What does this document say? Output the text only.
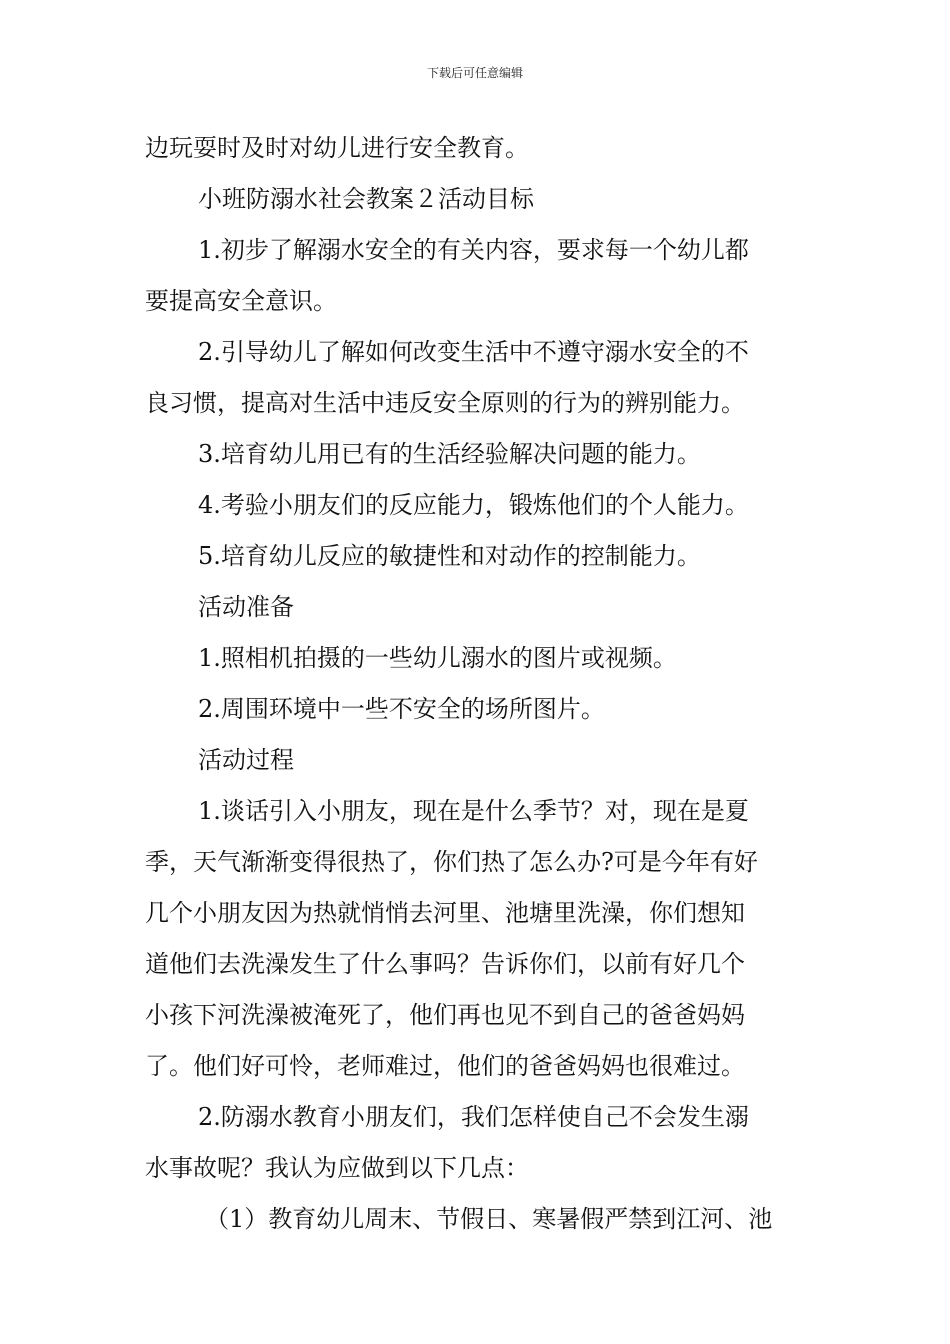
下载后可任意编辑
边玩耍时及时对幼儿进行安全教育。
小班防溺水社会教案２活动目标
1.初步了解溺水安全的有关内容，要求每一个幼儿都
要提高安全意识。
2.引导幼儿了解如何改变生活中不遵守溺水安全的不
良习惯，提高对生活中违反安全原则的行为的辨别能力。
3.培育幼儿用已有的生活经验解决问题的能力。
4.考验小朋友们的反应能力，锻炼他们的个人能力。
5.培育幼儿反应的敏捷性和对动作的控制能力。
活动准备
1.照相机拍摄的一些幼儿溺水的图片或视频。
2.周围环境中一些不安全的场所图片。
活动过程
1.谈话引入小朋友，现在是什么季节？对，现在是夏
季，天气渐渐变得很热了，你们热了怎么办?可是今年有好
几个小朋友因为热就悄悄去河里、池塘里洗澡，你们想知
道他们去洗澡发生了什么事吗？告诉你们，以前有好几个
小孩下河洗澡被淹死了，他们再也见不到自己的爸爸妈妈
了。他们好可怜，老师难过，他们的爸爸妈妈也很难过。
2.防溺水教育小朋友们，我们怎样使自己不会发生溺
水事故呢？我认为应做到以下几点：
（1）教育幼儿周末、节假日、寒暑假严禁到江河、池
